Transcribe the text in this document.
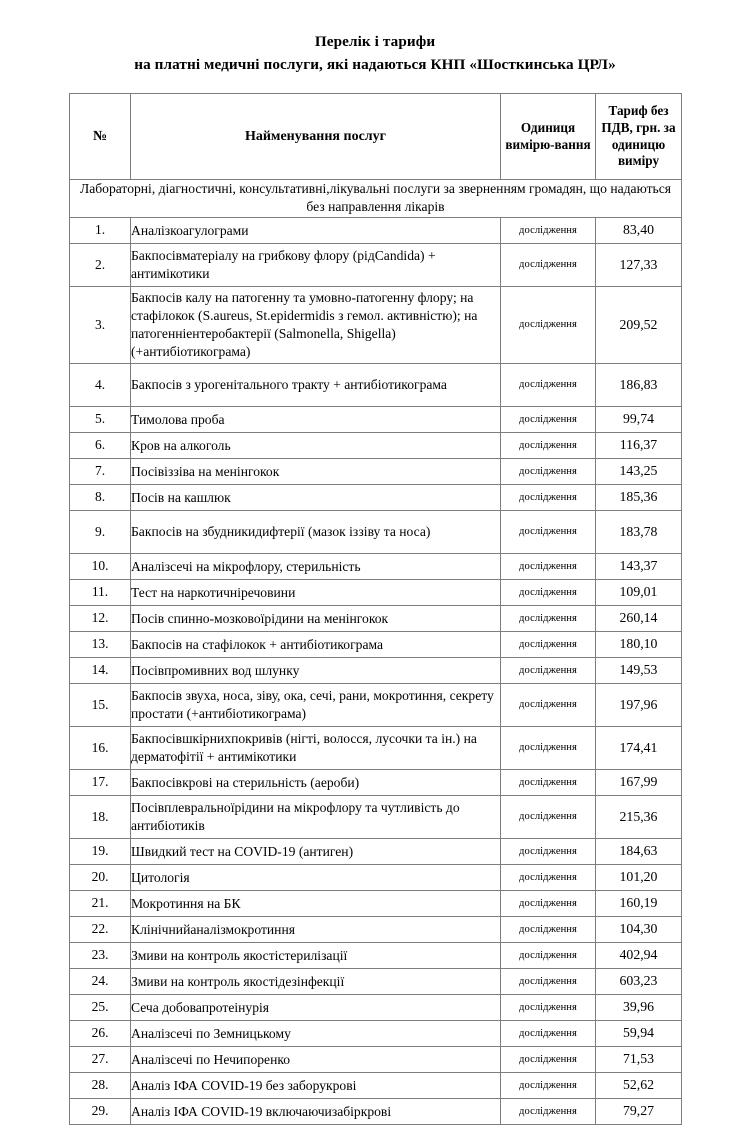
Перелік і тарифи
на платні медичні послуги, які надаються КНП «Шосткинська ЦРЛ»
№	Найменування послуг	Одиниця вимірю-вання	Тариф без ПДВ, грн. за одиницю виміру
Лабораторні, діагностичні, консультативні,лікувальні послуги за зверненням громадян, що надаються без направлення лікарів			
1.	Аналізкоагулограми	дослідження	83,40
2.	Бакпосівматеріалу на грибкову флору (рідCandida) + антимікотики	дослідження	127,33
3.	Бакпосів калу на патогенну та умовно-патогенну флору; на стафілокок (S.aureus, St.epidermidis з гемол. активністю); на патогенніентеробактерії (Salmonella, Shigella) (+антибіотикограма)	дослідження	209,52
4.	Бакпосів з урогенітального тракту + антибіотикограма	дослідження	186,83
5.	Тимолова проба	дослідження	99,74
6.	Кров на алкоголь	дослідження	116,37
7.	Посівіззіва на менінгокок	дослідження	143,25
8.	Посів на кашлюк	дослідження	185,36
9.	Бакпосів на збудникидифтерії (мазок іззіву та носа)	дослідження	183,78
10.	Аналізсечі на мікрофлору, стерильність	дослідження	143,37
11.	Тест на наркотичніречовини	дослідження	109,01
12.	Посів спинно-мозковоїрідини на менінгокок	дослідження	260,14
13.	Бакпосів на стафілокок + антибіотикограма	дослідження	180,10
14.	Посівпромивних вод шлунку	дослідження	149,53
15.	Бакпосів звуха, носа, зіву, ока, сечі, рани, мокротиння, секрету простати (+антибіотикограма)	дослідження	197,96
16.	Бакпосівшкірнихпокривів (нігті, волосся, лусочки та ін.) на дерматофітії + антимікотики	дослідження	174,41
17.	Бакпосівкрові на стерильність (аероби)	дослідження	167,99
18.	Посівплевральноїрідини на мікрофлору та чутливість до антибіотиків	дослідження	215,36
19.	Швидкий тест на COVID-19 (антиген)	дослідження	184,63
20.	Цитологія	дослідження	101,20
21.	Мокротиння на БК	дослідження	160,19
22.	Клінічнийаналізмокротиння	дослідження	104,30
23.	Змиви на контроль якостістерилізації	дослідження	402,94
24.	Змиви на контроль якостідезінфекції	дослідження	603,23
25.	Сеча добовапротеінурія	дослідження	39,96
26.	Аналізсечі по Земницькому	дослідження	59,94
27.	Аналізсечі по Нечипоренко	дослідження	71,53
28.	Аналіз ІФА COVID-19 без заборукрові	дослідження	52,62
29.	Аналіз ІФА COVID-19 включаючизабіркрові	дослідження	79,27
